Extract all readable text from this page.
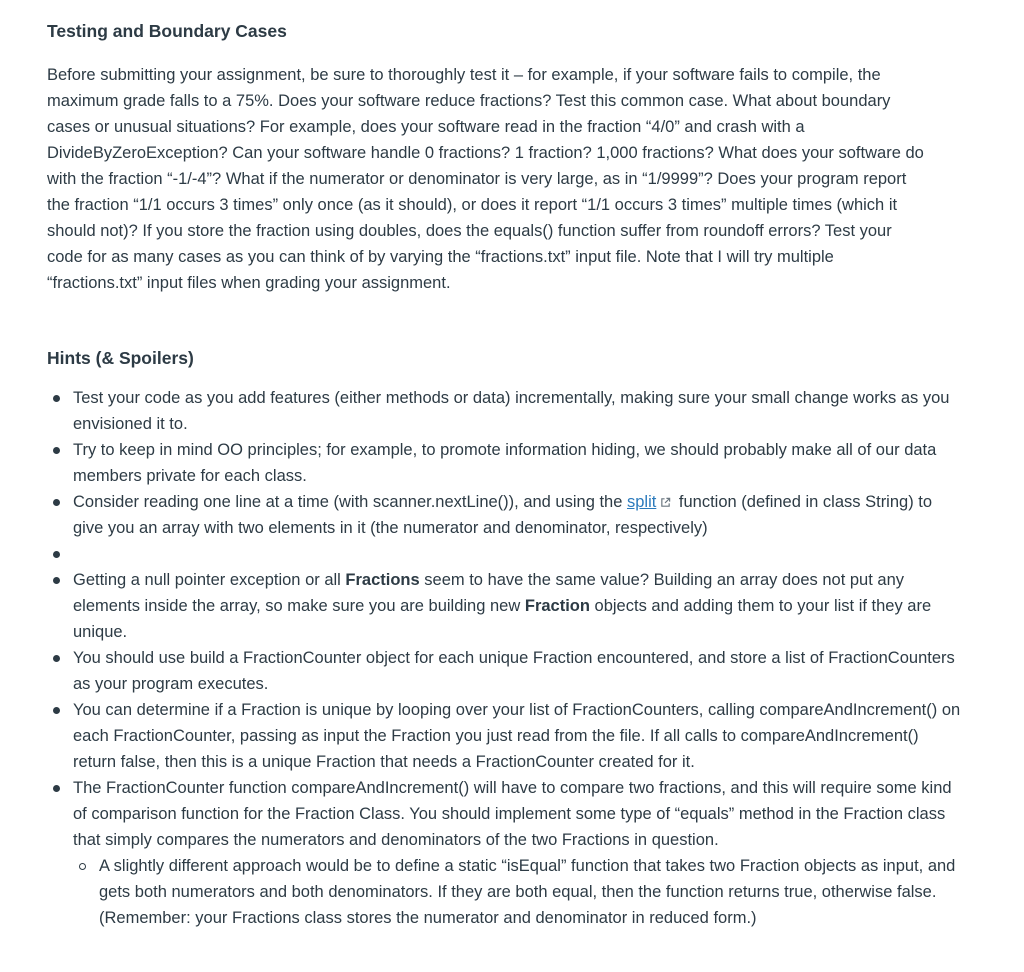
Testing and Boundary Cases

Before submitting your assignment, be sure to thoroughly test it – for example, if your software fails to compile, the maximum grade falls to a 75%. Does your software reduce fractions? Test this common case. What about boundary cases or unusual situations? For example, does your software read in the fraction “4/0” and crash with a DivideByZeroException? Can your software handle 0 fractions? 1 fraction? 1,000 fractions? What does your software do with the fraction “-1/-4”? What if the numerator or denominator is very large, as in “1/9999”? Does your program report the fraction “1/1 occurs 3 times” only once (as it should), or does it report “1/1 occurs 3 times” multiple times (which it should not)? If you store the fraction using doubles, does the equals() function suffer from roundoff errors? Test your code for as many cases as you can think of by varying the “fractions.txt” input file. Note that I will try multiple “fractions.txt” input files when grading your assignment.

Hints (& Spoilers)
Test your code as you add features (either methods or data) incrementally, making sure your small change works as you envisioned it to.
Try to keep in mind OO principles; for example, to promote information hiding, we should probably make all of our data members private for each class.
Consider reading one line at a time (with scanner.nextLine()), and using the split function (defined in class String) to give you an array with two elements in it (the numerator and denominator, respectively)
Getting a null pointer exception or all Fractions seem to have the same value? Building an array does not put any elements inside the array, so make sure you are building new Fraction objects and adding them to your list if they are unique.
You should use build a FractionCounter object for each unique Fraction encountered, and store a list of FractionCounters as your program executes.
You can determine if a Fraction is unique by looping over your list of FractionCounters, calling compareAndIncrement() on each FractionCounter, passing as input the Fraction you just read from the file. If all calls to compareAndIncrement() return false, then this is a unique Fraction that needs a FractionCounter created for it.
The FractionCounter function compareAndIncrement() will have to compare two fractions, and this will require some kind of comparison function for the Fraction Class. You should implement some type of “equals” method in the Fraction class that simply compares the numerators and denominators of the two Fractions in question.
A slightly different approach would be to define a static “isEqual” function that takes two Fraction objects as input, and gets both numerators and both denominators. If they are both equal, then the function returns true, otherwise false. (Remember: your Fractions class stores the numerator and denominator in reduced form.)
